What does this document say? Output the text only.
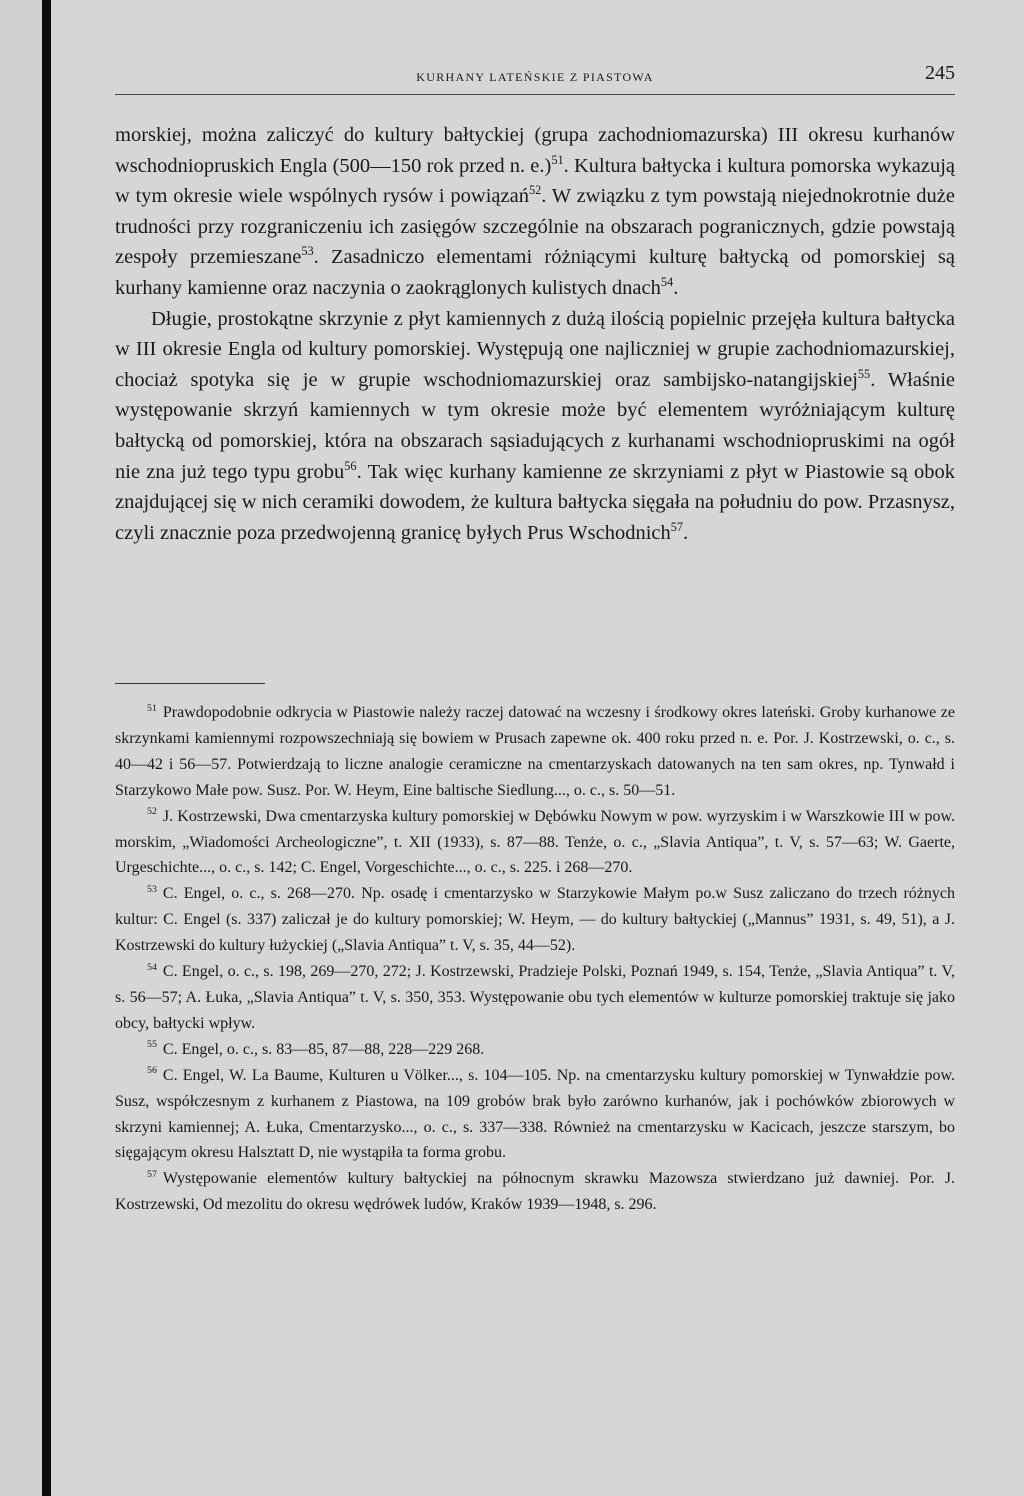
KURHANY LATEŃSKIE Z PIASTOWA	245

morskiej, można zaliczyć do kultury bałtyckiej (grupa zachodniomazurska) III okresu kurhanów wschodniopruskich Engla (500—150 rok przed n. e.)$^{51}$. Kultura bałtycka i kultura pomorska wykazują w tym okresie wiele wspólnych rysów i powiązań$^{52}$. W związku z tym powstają niejednokrotnie duże trudności przy rozgraniczeniu ich zasięgów szczególnie na obszarach pogranicznych, gdzie powstają zespoły przemieszane$^{53}$. Zasadniczo elementami różniącymi kulturę bałtycką od pomorskiej są kurhany kamienne oraz naczynia o zaokrąglonych kulistych dnach$^{54}$.

Długie, prostokątne skrzynie z płyt kamiennych z dużą ilością popielnic przejęła kultura bałtycka w III okresie Engla od kultury pomorskiej. Występują one najliczniej w grupie zachodniomazurskiej, chociaż spotyka się je w grupie wschodniomazurskiej oraz sambijsko-natangijskiej$^{55}$. Właśnie występowanie skrzyń kamiennych w tym okresie może być elementem wyróżniającym kulturę bałtycką od pomorskiej, która na obszarach sąsiadujących z kurhanami wschodniopruskimi na ogół nie zna już tego typu grobu$^{56}$. Tak więc kurhany kamienne ze skrzyniami z płyt w Piastowie są obok znajdującej się w nich ceramiki dowodem, że kultura bałtycka sięgała na południu do pow. Przasnysz, czyli znacznie poza przedwojenną granicę byłych Prus Wschodnich$^{57}$.

$^{51}$ Prawdopodobnie odkrycia w Piastowie należy raczej datować na wczesny i środkowy okres lateński. Groby kurhanowe ze skrzynkami kamiennymi rozpowszechniają się bowiem w Prusach zapewne ok. 400 roku przed n. e. Por. J. Kostrzewski, o. c., s. 40—42 i 56—57. Potwierdzają to liczne analogie ceramiczne na cmentarzyskach datowanych na ten sam okres, np. Tynwałd i Starzykowo Małe pow. Susz. Por. W. Heym, Eine baltische Siedlung..., o. c., s. 50—51.

$^{52}$ J. Kostrzewski, Dwa cmentarzyska kultury pomorskiej w Dębówku Nowym w pow. wyrzyskim i w Warszkowie III w pow. morskim, „Wiadomości Archeologiczne”, t. XII (1933), s. 87—88. Tenże, o. c., „Slavia Antiqua”, t. V, s. 57—63; W. Gaerte, Urgeschichte..., o. c., s. 142; C. Engel, Vorgeschichte..., o. c., s. 225. i 268—270.

$^{53}$ C. Engel, o. c., s. 268—270. Np. osadę i cmentarzysko w Starzykowie Małym po.w Susz zaliczano do trzech różnych kultur: C. Engel (s. 337) zaliczał je do kultury pomorskiej; W. Heym, — do kultury bałtyckiej („Mannus” 1931, s. 49, 51), a J. Kostrzewski do kultury łużyckiej („Slavia Antiqua” t. V, s. 35, 44—52).

$^{54}$ C. Engel, o. c., s. 198, 269—270, 272; J. Kostrzewski, Pradzieje Polski, Poznań 1949, s. 154, Tenże, „Slavia Antiqua” t. V, s. 56—57; A. Łuka, „Slavia Antiqua” t. V, s. 350, 353. Występowanie obu tych elementów w kulturze pomorskiej traktuje się jako obcy, bałtycki wpływ.

$^{55}$ C. Engel, o. c., s. 83—85, 87—88, 228—229 268.

$^{56}$ C. Engel, W. La Baume, Kulturen u Völker..., s. 104—105. Np. na cmentarzysku kultury pomorskiej w Tynwałdzie pow. Susz, współczesnym z kurhanem z Piastowa, na 109 grobów brak było zarówno kurhanów, jak i pochówków zbiorowych w skrzyni kamiennej; A. Łuka, Cmentarzysko..., o. c., s. 337—338. Również na cmentarzysku w Kacicach, jeszcze starszym, bo sięgającym okresu Halsztatt D, nie wystąpiła ta forma grobu.

$^{57}$ Występowanie elementów kultury bałtyckiej na północnym skrawku Mazowsza stwierdzano już dawniej. Por. J. Kostrzewski, Od mezolitu do okresu wędrówek ludów, Kraków 1939—1948, s. 296.
